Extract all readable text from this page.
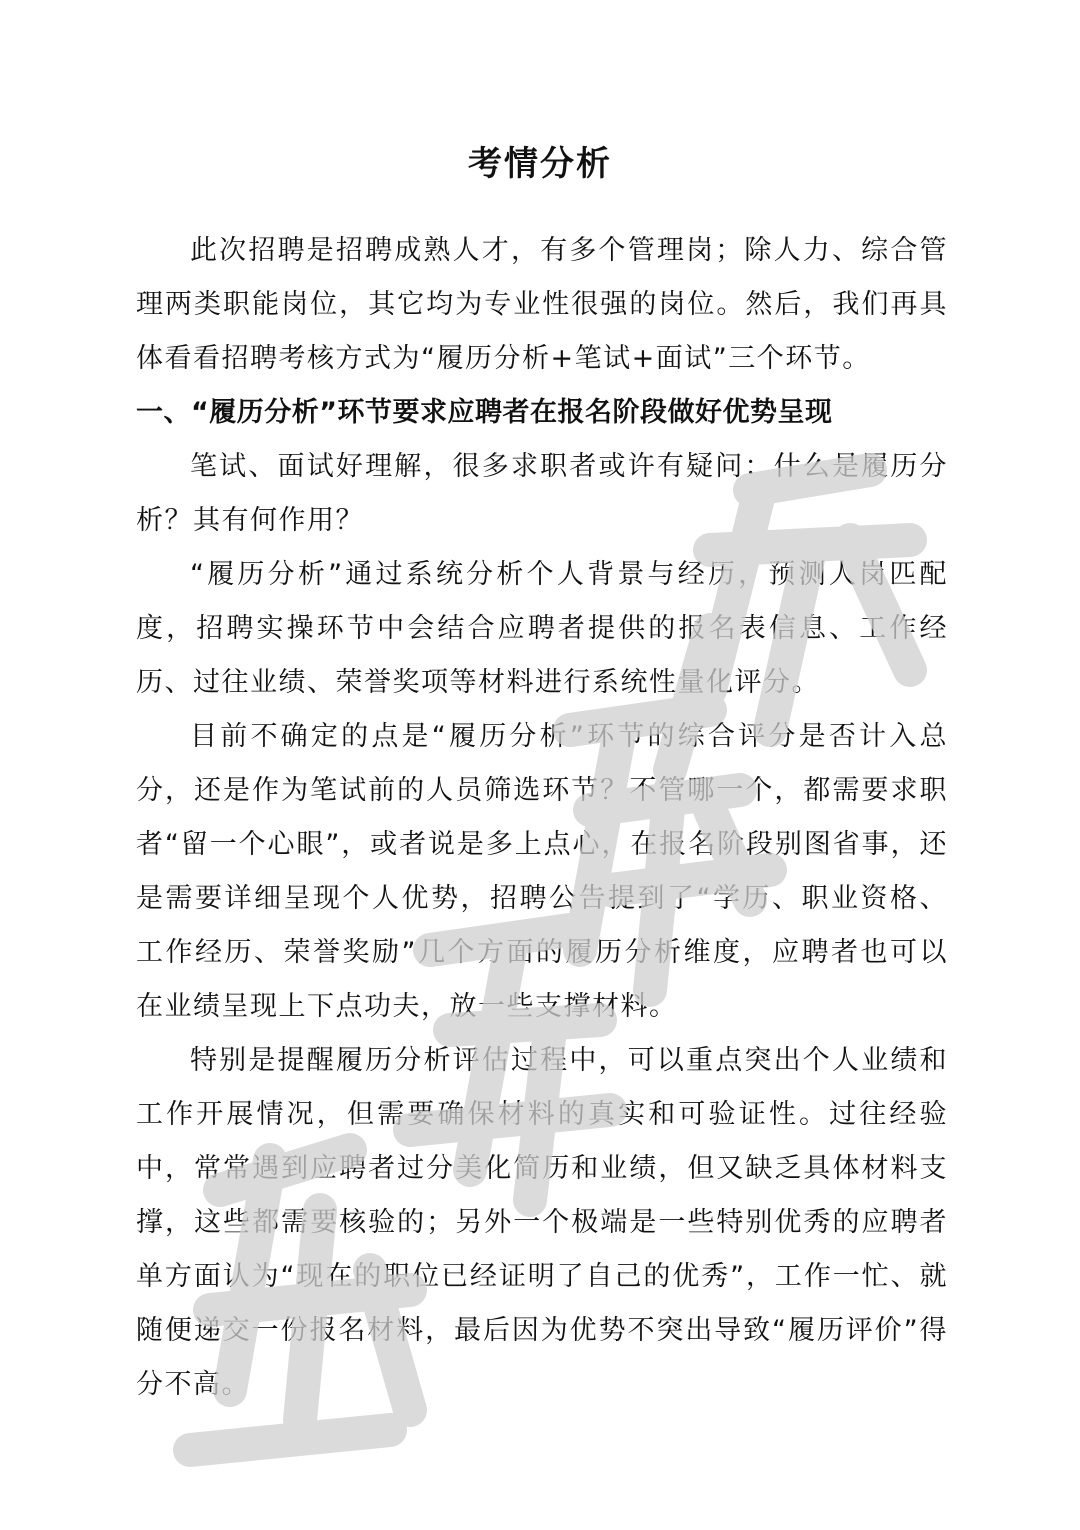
考情分析

此次招聘是招聘成熟人才，有多个管理岗；除人力、综合管理两类职能岗位，其它均为专业性很强的岗位。然后，我们再具体看看招聘考核方式为“履历分析+笔试+面试”三个环节。

一、“履历分析”环节要求应聘者在报名阶段做好优势呈现

笔试、面试好理解，很多求职者或许有疑问：什么是履历分析？其有何作用？

“履历分析”通过系统分析个人背景与经历，预测人岗匹配度，招聘实操环节中会结合应聘者提供的报名表信息、工作经历、过往业绩、荣誉奖项等材料进行系统性量化评分。

目前不确定的点是“履历分析”环节的综合评分是否计入总分，还是作为笔试前的人员筛选环节？不管哪一个，都需要求职者“留一个心眼”，或者说是多上点心，在报名阶段别图省事，还是需要详细呈现个人优势，招聘公告提到了“学历、职业资格、工作经历、荣誉奖励”几个方面的履历分析维度，应聘者也可以在业绩呈现上下点功夫，放一些支撑材料。

特别是提醒履历分析评估过程中，可以重点突出个人业绩和工作开展情况，但需要确保材料的真实和可验证性。过往经验中，常常遇到应聘者过分美化简历和业绩，但又缺乏具体材料支撑，这些都需要核验的；另外一个极端是一些特别优秀的应聘者单方面认为“现在的职位已经证明了自己的优秀”，工作一忙、就随便递交一份报名材料，最后因为优势不突出导致“履历评价”得分不高。
